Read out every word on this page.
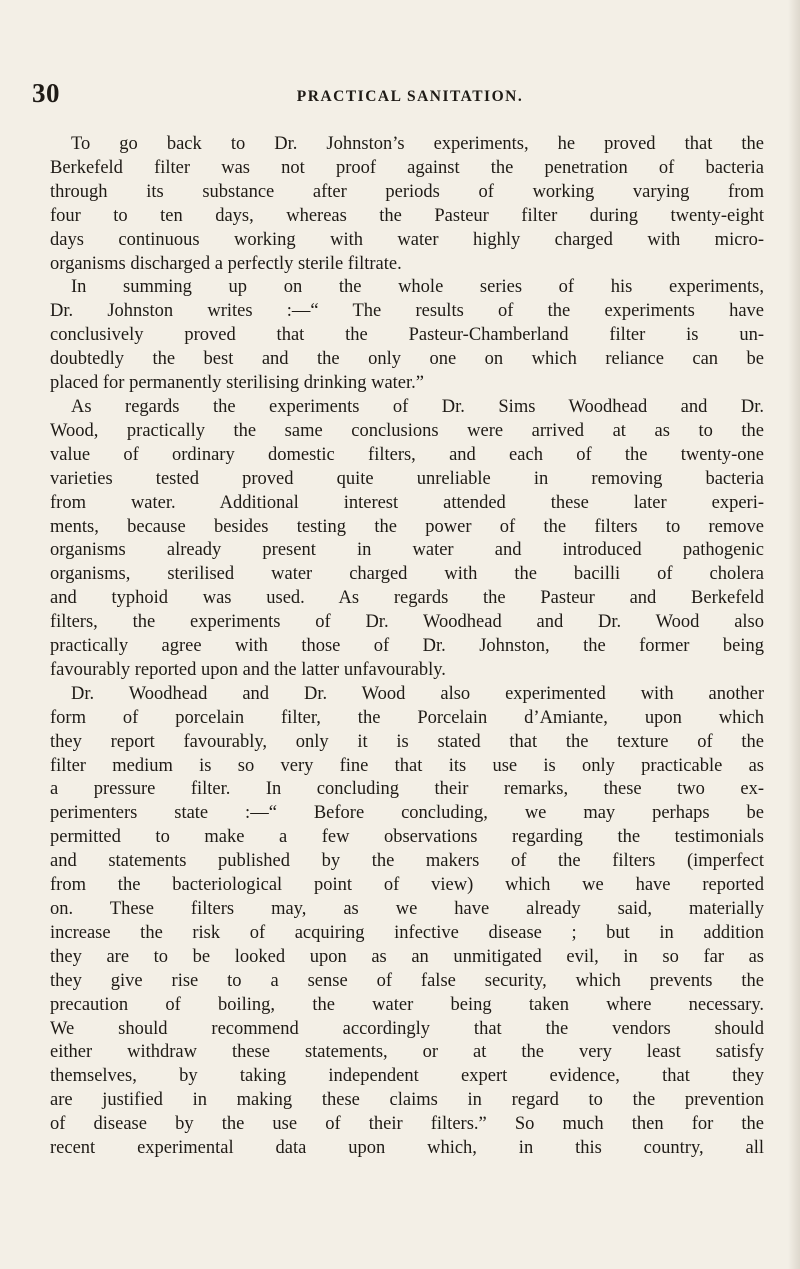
30	PRACTICAL SANITATION.
To go back to Dr. Johnston’s experiments, he proved that the
Berkefeld filter was not proof against the penetration of bacteria
through its substance after periods of working varying from
four to ten days, whereas the Pasteur filter during twenty-eight
days continuous working with water highly charged with micro-
organisms discharged a perfectly sterile filtrate.
In summing up on the whole series of his experiments,
Dr. Johnston writes :—“ The results of the experiments have
conclusively proved that the Pasteur-Chamberland filter is un-
doubtedly the best and the only one on which reliance can be
placed for permanently sterilising drinking water.”
As regards the experiments of Dr. Sims Woodhead and Dr.
Wood, practically the same conclusions were arrived at as to the
value of ordinary domestic filters, and each of the twenty-one
varieties tested proved quite unreliable in removing bacteria
from water. Additional interest attended these later experi-
ments, because besides testing the power of the filters to remove
organisms already present in water and introduced pathogenic
organisms, sterilised water charged with the bacilli of cholera
and typhoid was used. As regards the Pasteur and Berkefeld
filters, the experiments of Dr. Woodhead and Dr. Wood also
practically agree with those of Dr. Johnston, the former being
favourably reported upon and the latter unfavourably.
Dr. Woodhead and Dr. Wood also experimented with another
form of porcelain filter, the Porcelain d’Amiante, upon which
they report favourably, only it is stated that the texture of the
filter medium is so very fine that its use is only practicable as
a pressure filter. In concluding their remarks, these two ex-
perimenters state :—“ Before concluding, we may perhaps be
permitted to make a few observations regarding the testimonials
and statements published by the makers of the filters (imperfect
from the bacteriological point of view) which we have reported
on. These filters may, as we have already said, materially
increase the risk of acquiring infective disease ; but in addition
they are to be looked upon as an unmitigated evil, in so far as
they give rise to a sense of false security, which prevents the
precaution of boiling, the water being taken where necessary.
We should recommend accordingly that the vendors should
either withdraw these statements, or at the very least satisfy
themselves, by taking independent expert evidence, that they
are justified in making these claims in regard to the prevention
of disease by the use of their filters.” So much then for the
recent experimental data upon which, in this country, all
